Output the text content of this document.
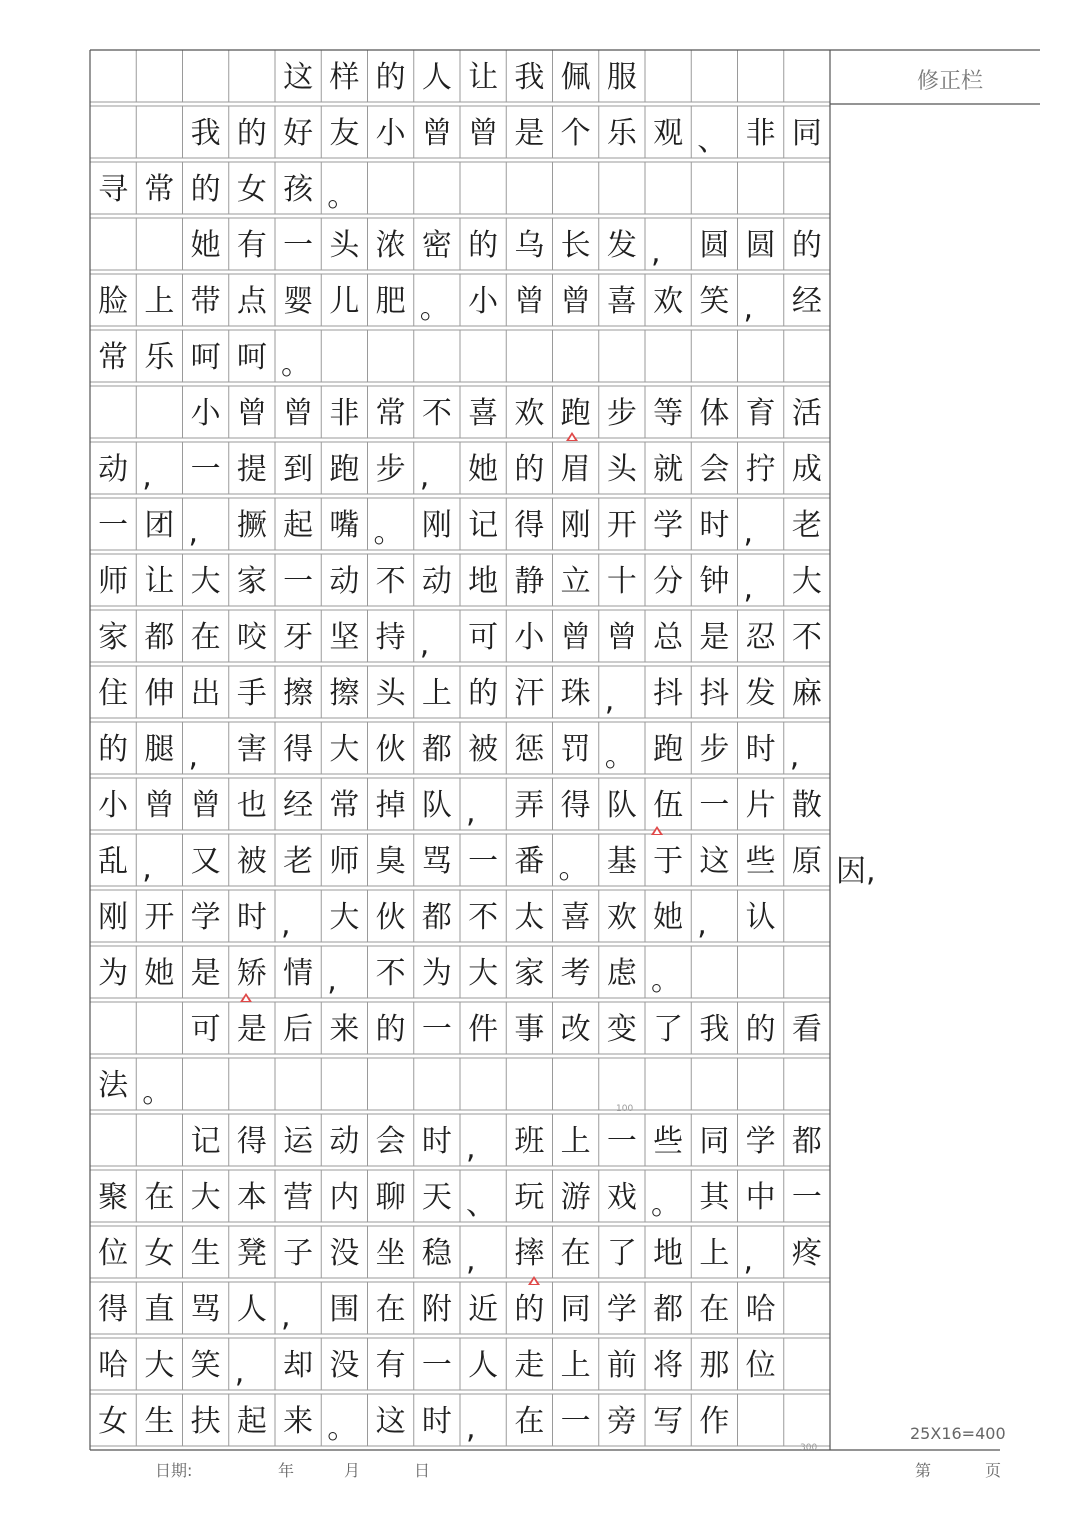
这 样 的 人 让 我 佩 服
我 的 好 友 小 曾 曾 是 个 乐 观 、 非 同
寻 常 的 女 孩 。
她 有 一 头 浓 密 的 乌 长 发 ,	圆 圆 的
脸 上 带 点 婴 儿 肥 。 小 曾 曾 喜 欢 笑 ,	经
常 乐 呵 呵 。
小 曾 曾 非 常 不 喜 欢 跑 步 等 体 育 活
动 ,	一 提 到 跑 步 ,	她 的 眉 头 就 会 拧 成
一 团 ,	撅 起 嘴 。 刚 记 得 刚 开 学 时 ,	老
师 让 大 家 一 动 不 动 地 静 立 十 分 钟 ,	大
家 都 在 咬 牙 坚 持 ,	可 小 曾 曾 总 是 忍 不
住 伸 出 手 擦 擦 头 上 的 汗 珠 ,	抖 抖 发 麻
的 腿 ,	害 得 大 伙 都 被 惩 罚 。 跑 步 时 ,
小 曾 曾 也 经 常 掉 队 ,	弄 得 队 伍 一 片 散
乱 ,	又 被 老 师 臭 骂 一 番 。 基 于 这 些 原
刚 开 学 时 ,	大 伙 都 不 太 喜 欢 她 ,	认
为 她 是 矫 情 ,	不 为 大 家 考 虑 。
可 是 后 来 的 一 件 事 改 变 了 我 的 看
法 。
记 得 运 动 会 时 ,	班 上 一 些 同 学 都
聚 在 大 本 营 内 聊 天 、 玩 游 戏 。 其 中 一
位 女 生 凳 子 没 坐 稳 ,	摔 在 了 地 上 ,	疼
得 直 骂 人 ,	围 在 附 近 的 同 学 都 在 哈
哈 大 笑 ,	却 没 有 一 人 走 上 前 将 那 位
女 生 扶 起 来 。 这 时 ,	在 一 旁 写 作
因,
修正栏
25X16=400
日期:	年	月	日	第	页
300
100
